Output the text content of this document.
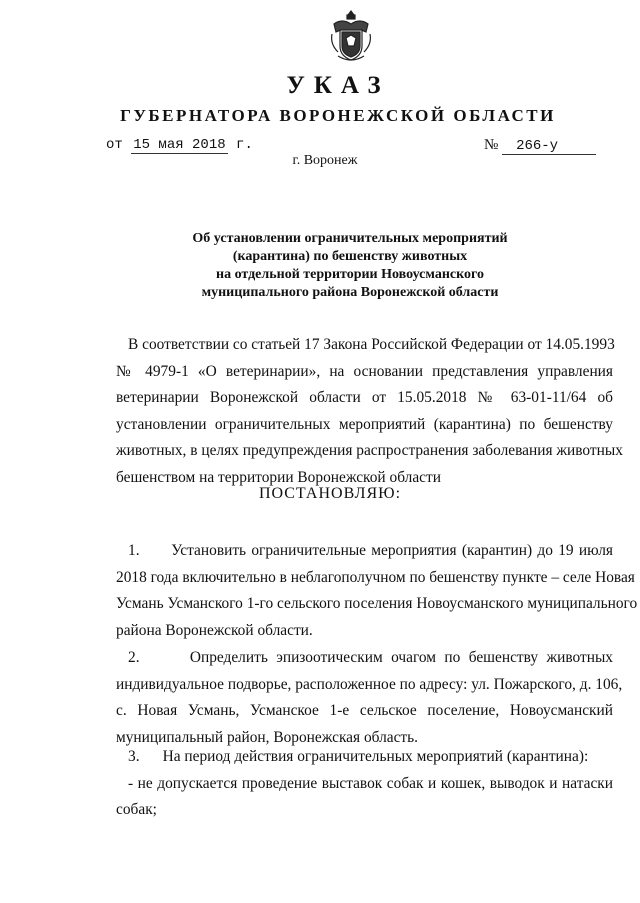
УКАЗ
ГУБЕРНАТОРА ВОРОНЕЖСКОЙ ОБЛАСТИ
от 15 мая 2018 г.	№ 266-у
г. Воронеж
Об установлении ограничительных мероприятий
(карантина) по бешенству животных
на отдельной территории Новоусманского
муниципального района Воронежской области
В соответствии со статьей 17 Закона Российской Федерации от 14.05.1993
№ 4979-1 «О ветеринарии», на основании представления управления
ветеринарии Воронежской области от 15.05.2018 № 63-01-11/64 об
установлении ограничительных мероприятий (карантина) по бешенству
животных, в целях предупреждения распространения заболевания животных
бешенством на территории Воронежской области
ПОСТАНОВЛЯЮ:
1.      Установить ограничительные мероприятия (карантин) до 19 июля
2018 года включительно в неблагополучном по бешенству пункте – селе Новая
Усмань Усманского 1-го сельского поселения Новоусманского муниципального
района Воронежской области.
2.      Определить эпизоотическим очагом по бешенству животных
индивидуальное подворье, расположенное по адресу: ул. Пожарского, д. 106,
с. Новая Усмань, Усманское 1-е сельское поселение, Новоусманский
муниципальный район, Воронежская область.
3.      На период действия ограничительных мероприятий (карантина):
- не допускается проведение выставок собак и кошек, выводок и натаски
собак;
